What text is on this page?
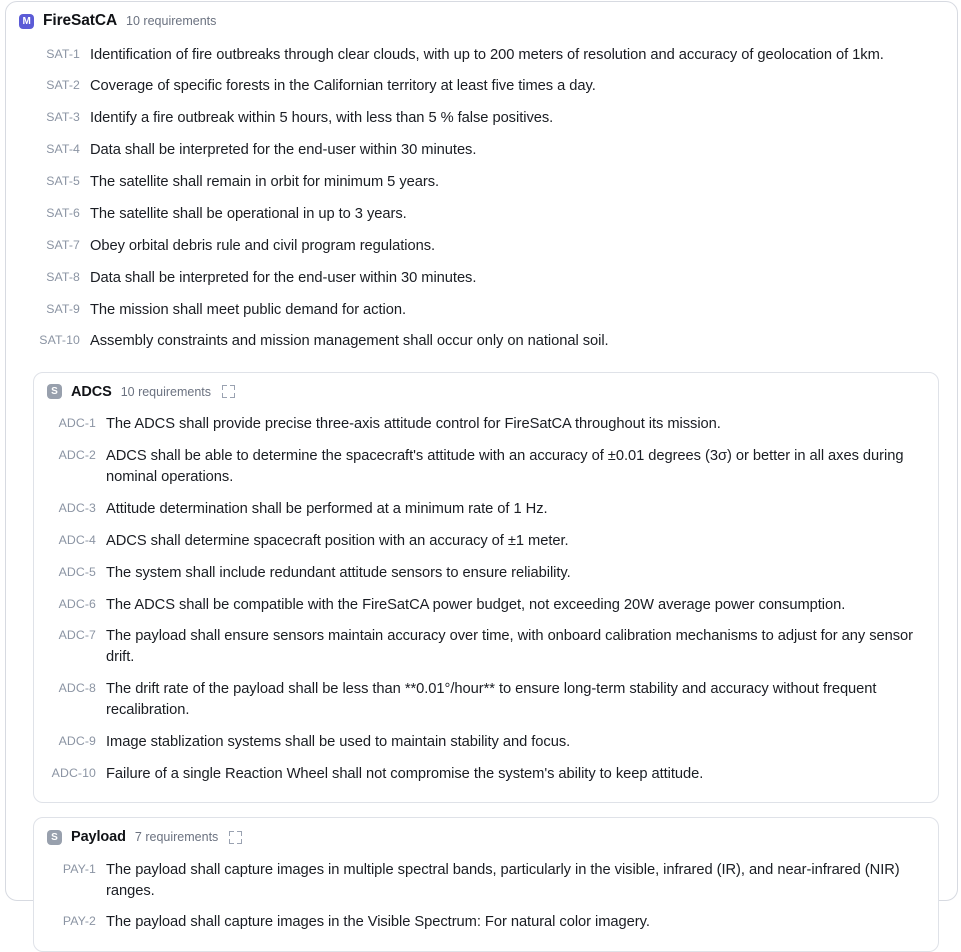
M FireSatCA 10 requirements
SAT-1 Identification of fire outbreaks through clear clouds, with up to 200 meters of resolution and accuracy of geolocation of 1km.
SAT-2 Coverage of specific forests in the Californian territory at least five times a day.
SAT-3 Identify a fire outbreak within 5 hours, with less than 5 % false positives.
SAT-4 Data shall be interpreted for the end-user within 30 minutes.
SAT-5 The satellite shall remain in orbit for minimum 5 years.
SAT-6 The satellite shall be operational in up to 3 years.
SAT-7 Obey orbital debris rule and civil program regulations.
SAT-8 Data shall be interpreted for the end-user within 30 minutes.
SAT-9 The mission shall meet public demand for action.
SAT-10 Assembly constraints and mission management shall occur only on national soil.
S ADCS 10 requirements
ADC-1 The ADCS shall provide precise three-axis attitude control for FireSatCA throughout its mission.
ADC-2 ADCS shall be able to determine the spacecraft's attitude with an accuracy of ±0.01 degrees (3σ) or better in all axes during nominal operations.
ADC-3 Attitude determination shall be performed at a minimum rate of 1 Hz.
ADC-4 ADCS shall determine spacecraft position with an accuracy of ±1 meter.
ADC-5 The system shall include redundant attitude sensors to ensure reliability.
ADC-6 The ADCS shall be compatible with the FireSatCA power budget, not exceeding 20W average power consumption.
ADC-7 The payload shall ensure sensors maintain accuracy over time, with onboard calibration mechanisms to adjust for any sensor drift.
ADC-8 The drift rate of the payload shall be less than **0.01°/hour** to ensure long-term stability and accuracy without frequent recalibration.
ADC-9 Image stablization systems shall be used to maintain stability and focus.
ADC-10 Failure of a single Reaction Wheel shall not compromise the system's ability to keep attitude.
S Payload 7 requirements
PAY-1 The payload shall capture images in multiple spectral bands, particularly in the visible, infrared (IR), and near-infrared (NIR) ranges.
PAY-2 The payload shall capture images in the Visible Spectrum: For natural color imagery.
